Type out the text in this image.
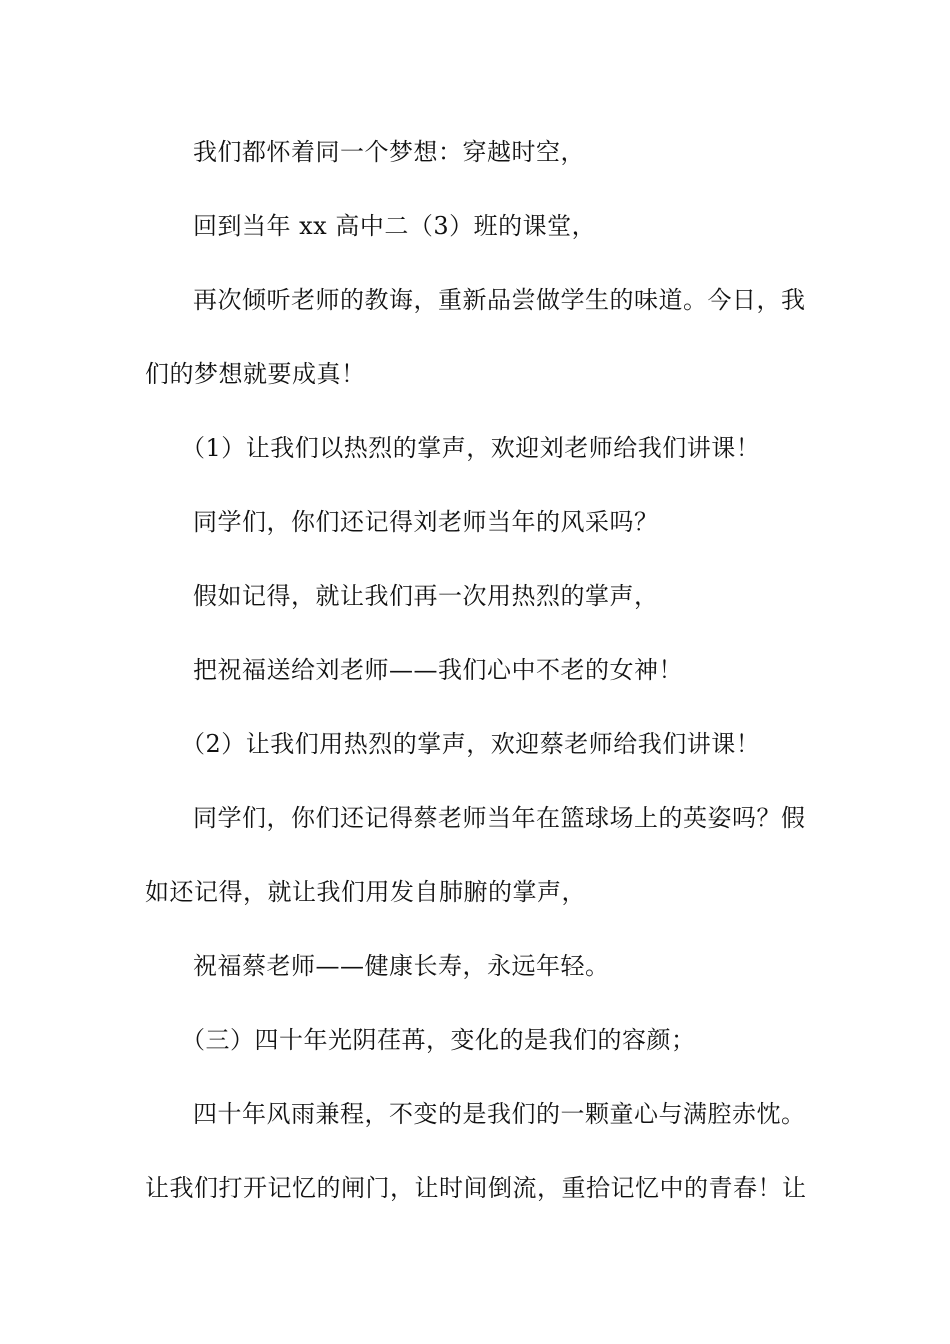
我们都怀着同一个梦想：穿越时空，
回到当年 xx 高中二（3）班的课堂，
再次倾听老师的教诲，重新品尝做学生的味道。今日，我
们的梦想就要成真！
（1）让我们以热烈的掌声，欢迎刘老师给我们讲课！
同学们，你们还记得刘老师当年的风采吗？
假如记得，就让我们再一次用热烈的掌声，
把祝福送给刘老师——我们心中不老的女神！
（2）让我们用热烈的掌声，欢迎蔡老师给我们讲课！
同学们，你们还记得蔡老师当年在篮球场上的英姿吗？假
如还记得，就让我们用发自肺腑的掌声，
祝福蔡老师——健康长寿，永远年轻。
（三）四十年光阴荏苒，变化的是我们的容颜；
四十年风雨兼程，不变的是我们的一颗童心与满腔赤忱。
让我们打开记忆的闸门，让时间倒流，重拾记忆中的青春！让
